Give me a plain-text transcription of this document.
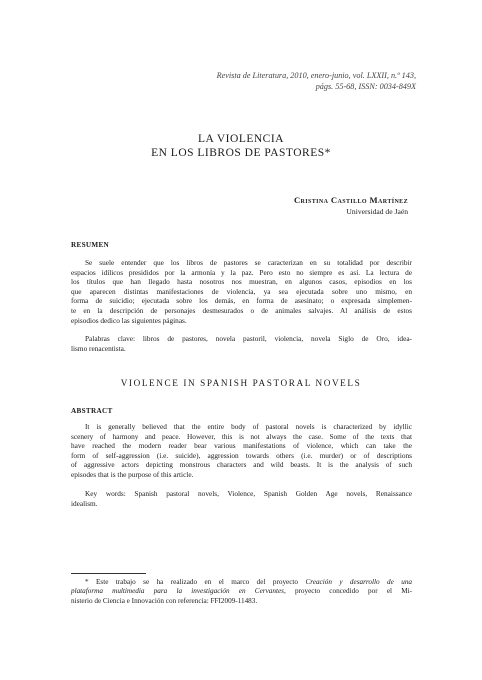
Revista de Literatura, 2010, enero-junio, vol. LXXII, n.º 143,
págs. 55-68, ISSN: 0034-849X
LA VIOLENCIA
EN LOS LIBROS DE PASTORES*
Cristina Castillo Martínez
Universidad de Jaén
RESUMEN
Se suele entender que los libros de pastores se caracterizan en su totalidad por describir
espacios idílicos presididos por la armonía y la paz. Pero esto no siempre es así. La lectura de
los títulos que han llegado hasta nosotros nos muestran, en algunos casos, episodios en los
que aparecen distintas manifestaciones de violencia, ya sea ejecutada sobre uno mismo, en
forma de suicidio; ejecutada sobre los demás, en forma de asesinato; o expresada simplemen-
te en la descripción de personajes desmesurados o de animales salvajes. Al análisis de estos
episodios dedico las siguientes páginas.
Palabras clave: libros de pastores, novela pastoril, violencia, novela Siglo de Oro, idea-
lismo renacentista.
VIOLENCE IN SPANISH PASTORAL NOVELS
ABSTRACT
It is generally believed that the entire body of pastoral novels is characterized by idyllic
scenery of harmony and peace. However, this is not always the case. Some of the texts that
have reached the modern reader bear various manifestations of violence, which can take the
form of self-aggression (i.e. suicide), aggression towards others (i.e. murder) or of descriptions
of aggressive actors depicting monstrous characters and wild beasts. It is the analysis of such
episodes that is the purpose of this article.
Key words: Spanish pastoral novels, Violence, Spanish Golden Age novels, Renaissance
idealism.
* Este trabajo se ha realizado en el marco del proyecto Creación y desarrollo de una
plataforma multimedia para la investigación en Cervantes, proyecto concedido por el Mi-
nisterio de Ciencia e Innovación con referencia: FFI2009-11483.
